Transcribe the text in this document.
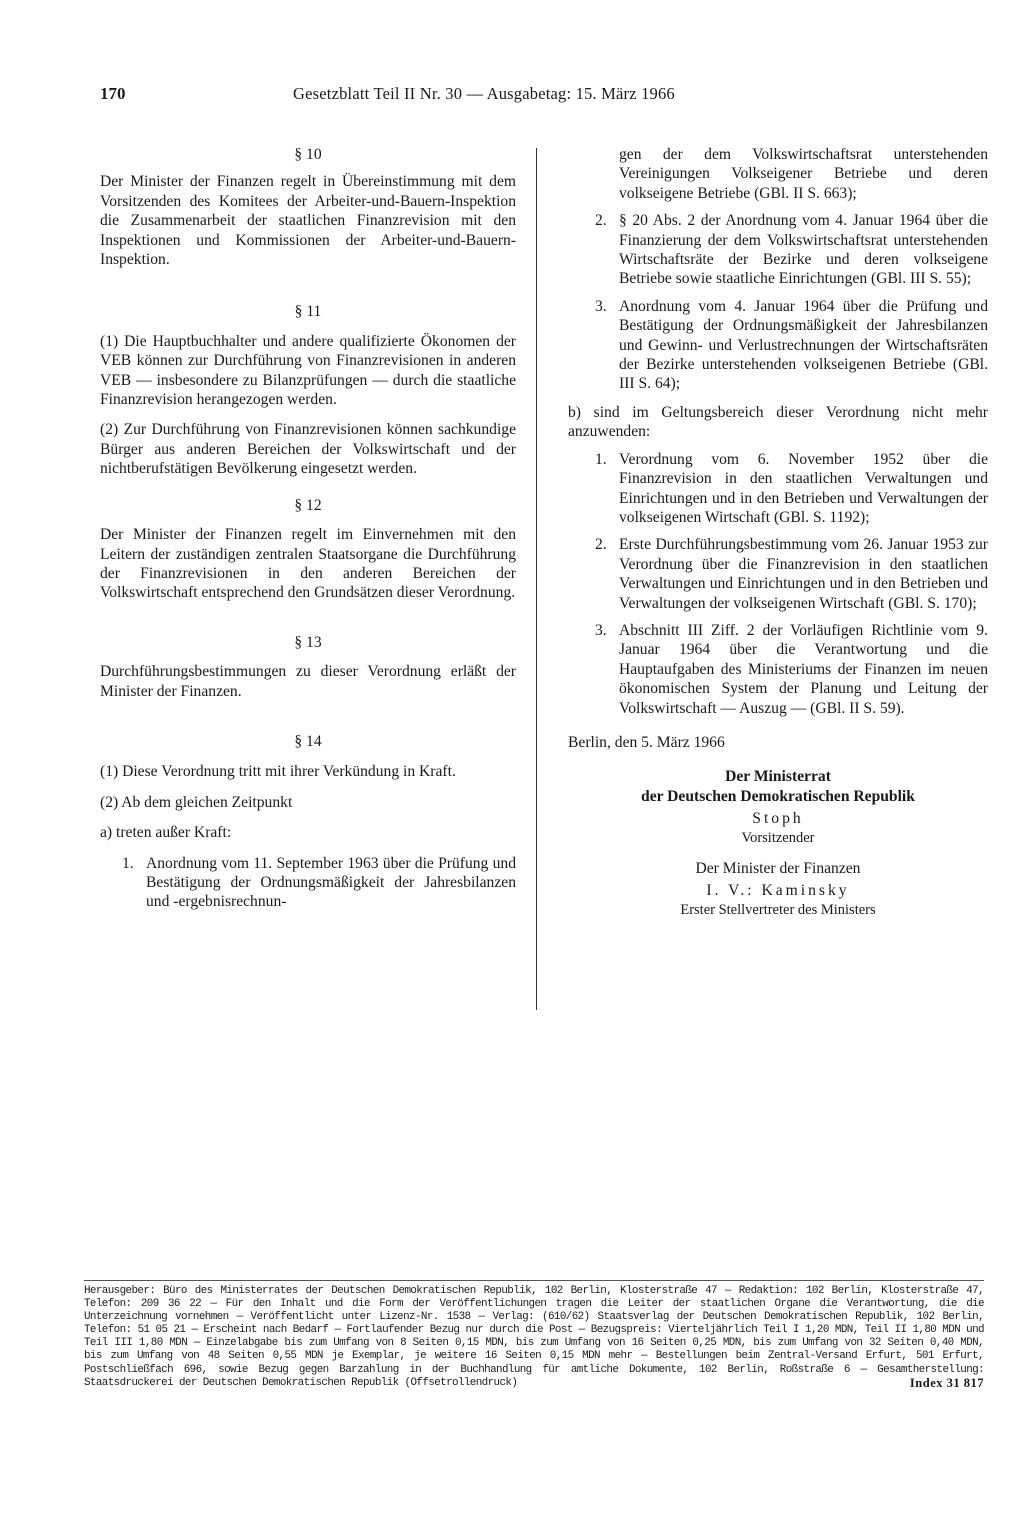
170	Gesetzblatt Teil II Nr. 30 — Ausgabetag: 15. März 1966

§ 10

Der Minister der Finanzen regelt in Übereinstimmung mit dem Vorsitzenden des Komitees der Arbeiter-und-Bauern-Inspektion die Zusammenarbeit der staatlichen Finanzrevision mit den Inspektionen und Kommissionen der Arbeiter-und-Bauern-Inspektion.

§ 11

(1) Die Hauptbuchhalter und andere qualifizierte Ökonomen der VEB können zur Durchführung von Finanzrevisionen in anderen VEB — insbesondere zu Bilanzprüfungen — durch die staatliche Finanzrevision herangezogen werden.

(2) Zur Durchführung von Finanzrevisionen können sachkundige Bürger aus anderen Bereichen der Volkswirtschaft und der nichtberufstätigen Bevölkerung eingesetzt werden.

§ 12

Der Minister der Finanzen regelt im Einvernehmen mit den Leitern der zuständigen zentralen Staatsorgane die Durchführung der Finanzrevisionen in den anderen Bereichen der Volkswirtschaft entsprechend den Grundsätzen dieser Verordnung.

§ 13

Durchführungsbestimmungen zu dieser Verordnung erläßt der Minister der Finanzen.

§ 14

(1) Diese Verordnung tritt mit ihrer Verkündung in Kraft.

(2) Ab dem gleichen Zeitpunkt

a) treten außer Kraft:

1. Anordnung vom 11. September 1963 über die Prüfung und Bestätigung der Ordnungsmäßigkeit der Jahresbilanzen und -ergebnisrechnun-

gen der dem Volkswirtschaftsrat unterstehenden Vereinigungen Volkseigener Betriebe und deren volkseigene Betriebe (GBl. II S. 663);

2. § 20 Abs. 2 der Anordnung vom 4. Januar 1964 über die Finanzierung der dem Volkswirtschaftsrat unterstehenden Wirtschaftsräte der Bezirke und deren volkseigene Betriebe sowie staatliche Einrichtungen (GBl. III S. 55);
3. Anordnung vom 4. Januar 1964 über die Prüfung und Bestätigung der Ordnungsmäßigkeit der Jahresbilanzen und Gewinn- und Verlustrechnungen der Wirtschaftsräten der Bezirke unterstehenden volkseigenen Betriebe (GBl. III S. 64);

b) sind im Geltungsbereich dieser Verordnung nicht mehr anzuwenden:

1. Verordnung vom 6. November 1952 über die Finanzrevision in den staatlichen Verwaltungen und Einrichtungen und in den Betrieben und Verwaltungen der volkseigenen Wirtschaft (GBl. S. 1192);
2. Erste Durchführungsbestimmung vom 26. Januar 1953 zur Verordnung über die Finanzrevision in den staatlichen Verwaltungen und Einrichtungen und in den Betrieben und Verwaltungen der volkseigenen Wirtschaft (GBl. S. 170);
3. Abschnitt III Ziff. 2 der Vorläufigen Richtlinie vom 9. Januar 1964 über die Verantwortung und die Hauptaufgaben des Ministeriums der Finanzen im neuen ökonomischen System der Planung und Leitung der Volkswirtschaft — Auszug — (GBl. II S. 59).

Berlin, den 5. März 1966

Der Ministerrat

der Deutschen Demokratischen Republik

Stoph

Vorsitzender

Der Minister der Finanzen

I. V.: Kaminsky

Erster Stellvertreter des Ministers

Herausgeber: Büro des Ministerrates der Deutschen Demokratischen Republik, 102 Berlin, Klosterstraße 47 — Redaktion: 102 Berlin, Klosterstraße 47, Telefon: 209 36 22 — Für den Inhalt und die Form der Veröffentlichungen tragen die Leiter der staatlichen Organe die Verantwortung, die die Unterzeichnung vornehmen — Veröffentlicht unter Lizenz-Nr. 1538 — Verlag: (610/62) Staatsverlag der Deutschen Demokratischen Republik, 102 Berlin, Telefon: 51 05 21 — Erscheint nach Bedarf — Fortlaufender Bezug nur durch die Post — Bezugspreis: Vierteljährlich Teil I 1,20 MDN, Teil II 1,80 MDN und Teil III 1,80 MDN — Einzelabgabe bis zum Umfang von 8 Seiten 0,15 MDN, bis zum Umfang von 16 Seiten 0,25 MDN, bis zum Umfang von 32 Seiten 0,40 MDN, bis zum Umfang von 48 Seiten 0,55 MDN je Exemplar, je weitere 16 Seiten 0,15 MDN mehr — Bestellungen beim Zentral-Versand Erfurt, 501 Erfurt, Postschließfach 696, sowie Bezug gegen Barzahlung in der Buchhandlung für amtliche Dokumente, 102 Berlin, Roßstraße 6 — Gesamtherstellung: Staatsdruckerei der Deutschen Demokratischen Republik (Offsetrollendruck)	Index 31 817
